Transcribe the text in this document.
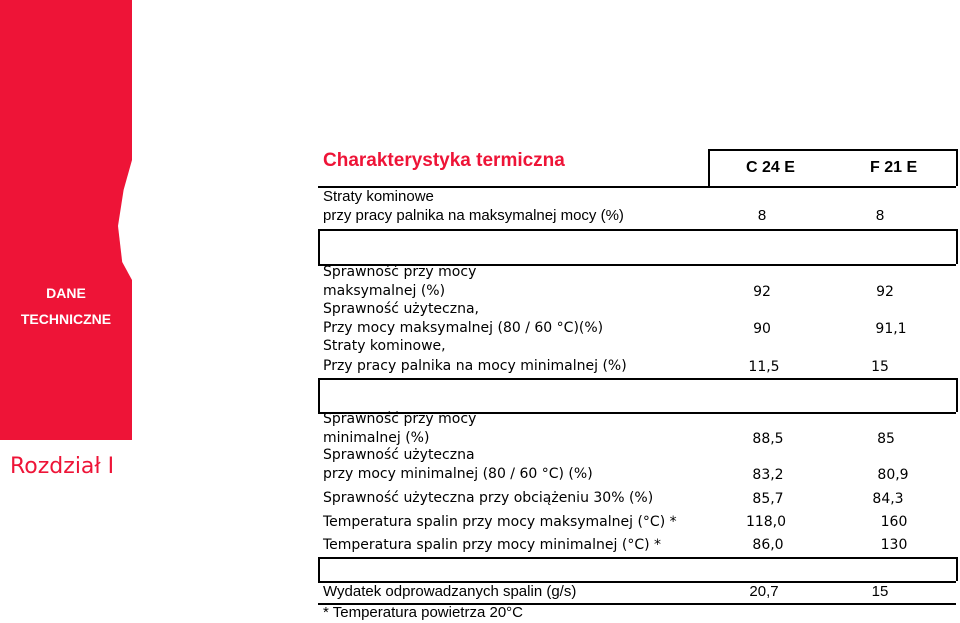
DANE
TECHNICZNE
Rozdział I
Charakterystyka termiczna	C 24 E	F 21 E
Straty kominowe
przy pracy palnika na maksymalnej mocy (%)	8	8
Sprawność przy mocy
maksymalnej (%)	92	92
Sprawność użyteczna,
Przy mocy maksymalnej (80 / 60 °C)(%)	90	91,1
Straty kominowe,
Przy pracy palnika na mocy minimalnej (%)	11,5	15
Sprawność przy mocy
minimalnej (%)	88,5	85
Sprawność użyteczna
przy mocy minimalnej (80 / 60 °C) (%)	83,2	80,9
Sprawność użyteczna przy obciążeniu 30% (%)	85,7	84,3
Temperatura spalin przy mocy maksymalnej (°C) *	118,0	160
Temperatura spalin przy mocy minimalnej (°C) *	86,0	130
Wydatek odprowadzanych spalin (g/s)	20,7	15
* Temperatura powietrza 20°C
